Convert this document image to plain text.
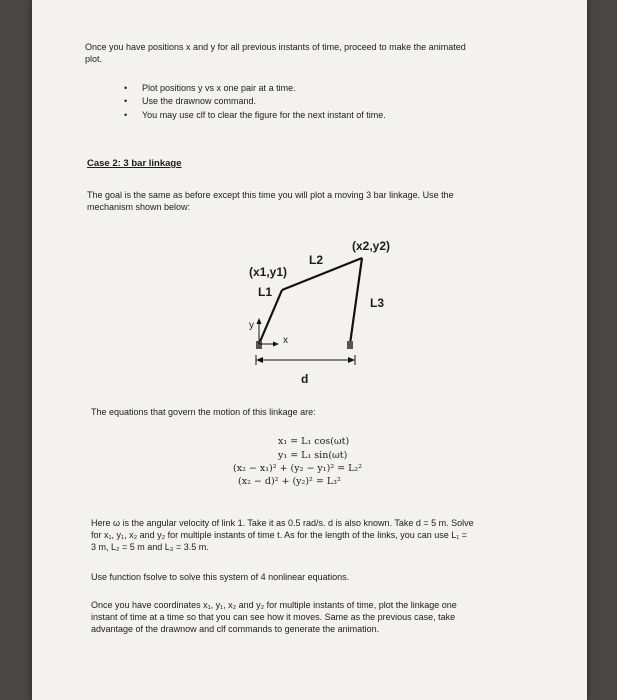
Once you have positions x and y for all previous instants of time, proceed to make the animated
plot.
• Plot positions y vs x one pair at a time.
• Use the drawnow command.
• You may use clf to clear the figure for the next instant of time.
Case 2: 3 bar linkage
The goal is the same as before except this time you will plot a moving 3 bar linkage. Use the
mechanism shown below:
(x2,y2)
L2
(x1,y1)
L1
L3
y
x
d
The equations that govern the motion of this linkage are:
x₁ = L₁ cos(ωt)
y₁ = L₁ sin(ωt)
(x₂ − x₁)² + (y₂ − y₁)² = L₂²
(x₂ − d)² + (y₂)² = L₃²
Here ω is the angular velocity of link 1. Take it as 0.5 rad/s. d is also known. Take d = 5 m. Solve
for x₁, y₁, x₂ and y₂ for multiple instants of time t. As for the length of the links, you can use L₁ =
3 m, L₂ = 5 m and L₃ = 3.5 m.
Use function fsolve to solve this system of 4 nonlinear equations.
Once you have coordinates x₁, y₁, x₂ and y₂ for multiple instants of time, plot the linkage one
instant of time at a time so that you can see how it moves. Same as the previous case, take
advantage of the drawnow and clf commands to generate the animation.
